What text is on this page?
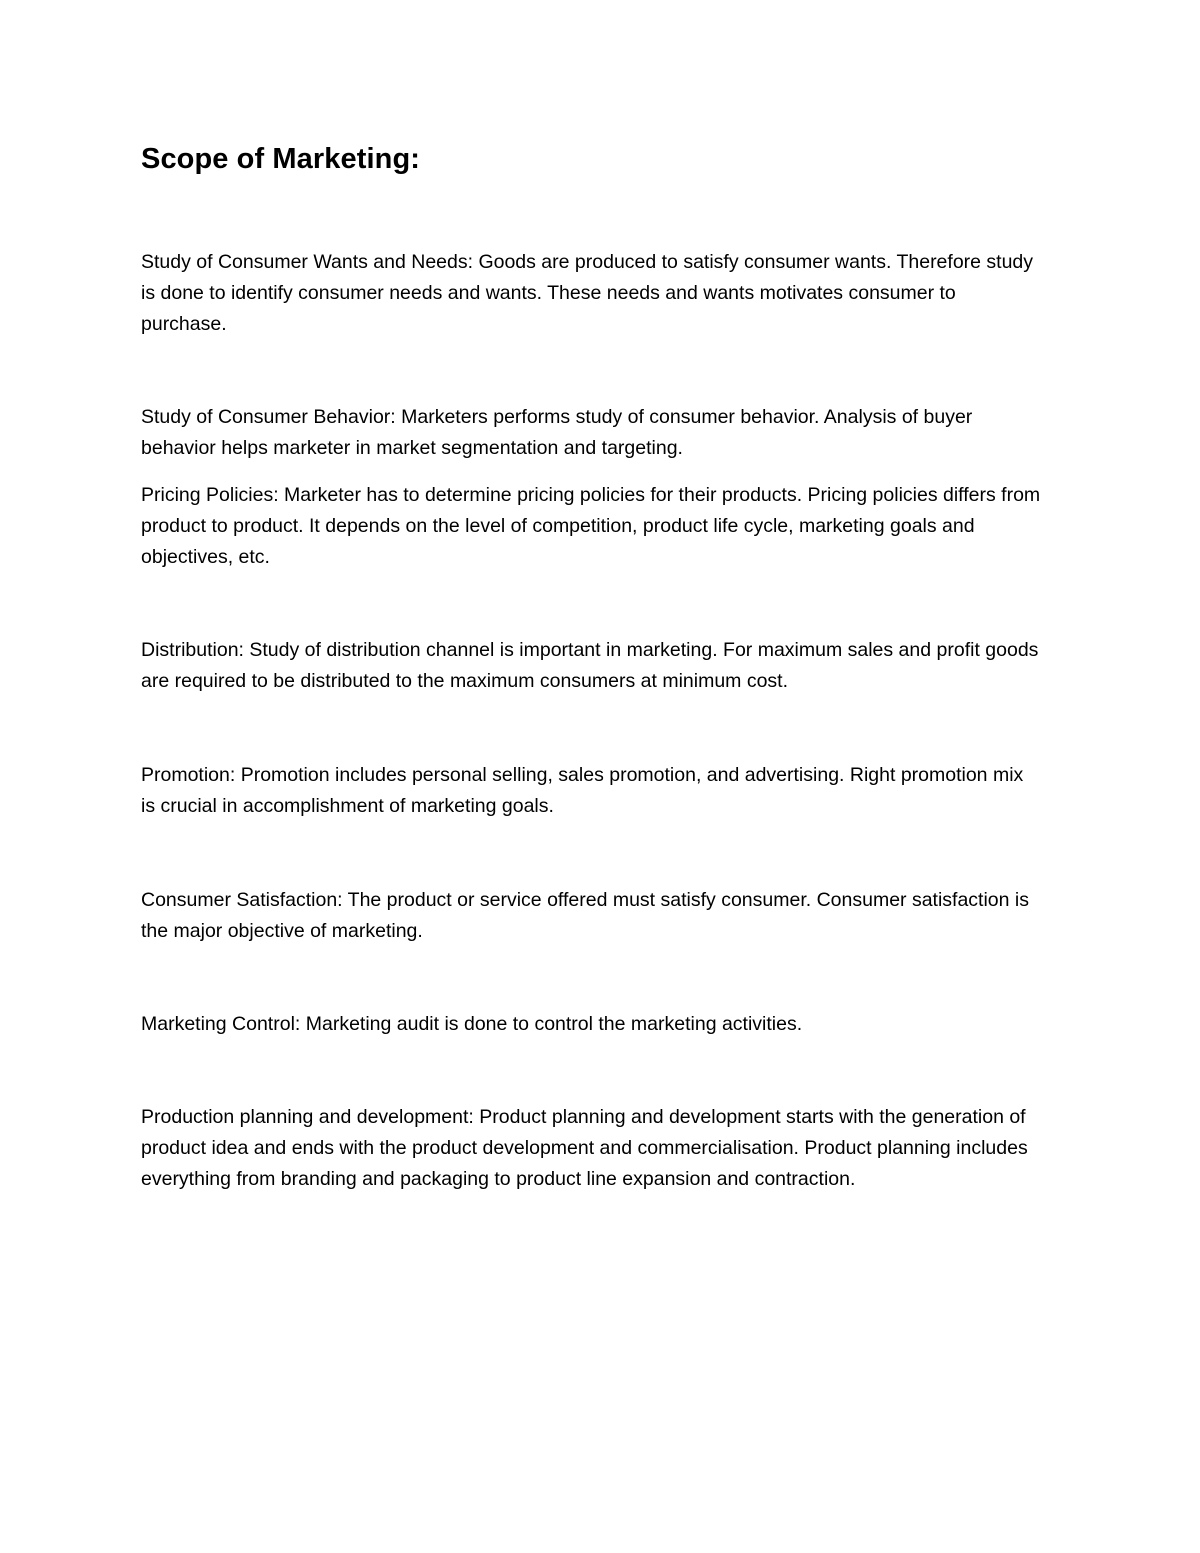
Scope of Marketing:

Study of Consumer Wants and Needs: Goods are produced to satisfy consumer wants. Therefore study is done to identify consumer needs and wants. These needs and wants motivates consumer to purchase.

Study of Consumer Behavior: Marketers performs study of consumer behavior. Analysis of buyer behavior helps marketer in market segmentation and targeting.

Pricing Policies: Marketer has to determine pricing policies for their products. Pricing policies differs from product to product. It depends on the level of competition, product life cycle, marketing goals and objectives, etc.

Distribution: Study of distribution channel is important in marketing. For maximum sales and profit goods are required to be distributed to the maximum consumers at minimum cost.

Promotion: Promotion includes personal selling, sales promotion, and advertising. Right promotion mix is crucial in accomplishment of marketing goals.

Consumer Satisfaction: The product or service offered must satisfy consumer. Consumer satisfaction is the major objective of marketing.

Marketing Control: Marketing audit is done to control the marketing activities.

Production planning and development: Product planning and development starts with the generation of product idea and ends with the product development and commercialisation. Product planning includes everything from branding and packaging to product line expansion and contraction.
